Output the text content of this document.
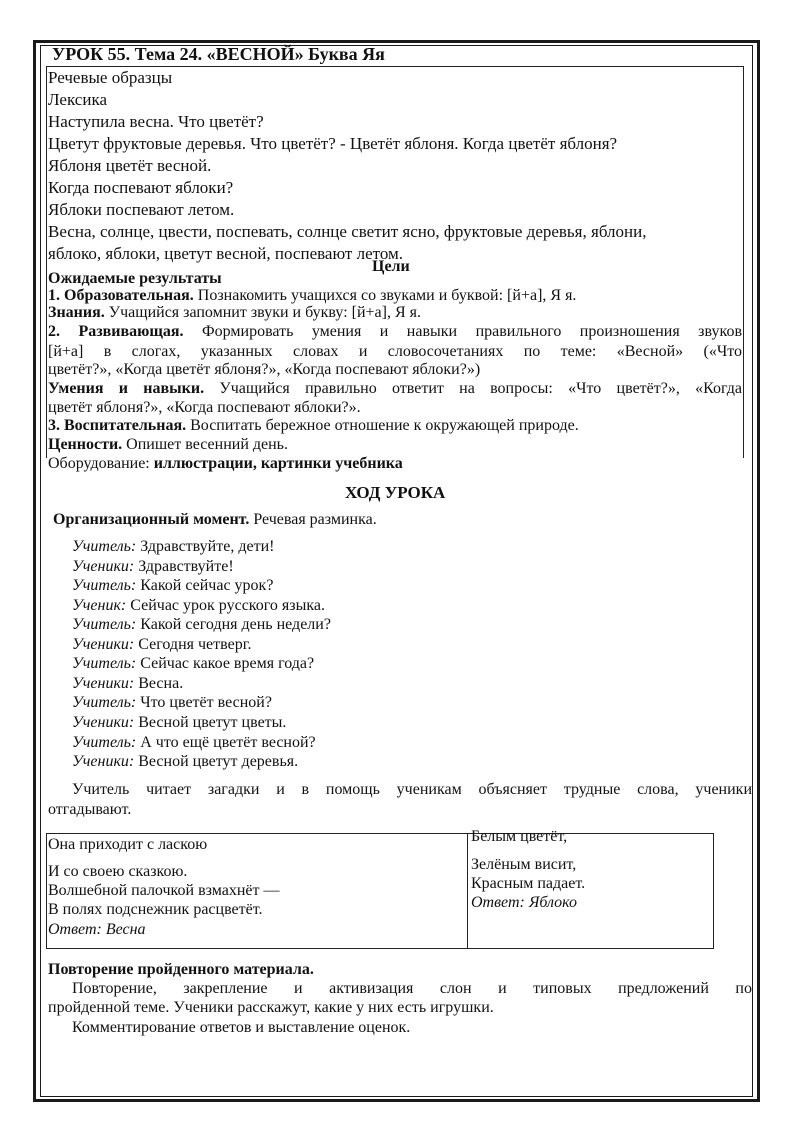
УРОК 55. Тема 24. «ВЕСНОЙ» Буква Яя
Речевые образцы
Лексика
Наступила весна. Что цветёт?
Цветут фруктовые деревья. Что цветёт? - Цветёт яблоня. Когда цветёт яблоня?
Яблоня цветёт весной.
Когда поспевают яблоки?
Яблоки поспевают летом.
Весна, солнце, цвести, поспевать, солнце светит ясно, фруктовые деревья, яблони,
яблоко, яблоки, цветут весной, поспевают летом.
Цели
Ожидаемые результаты
1. Образовательная. Познакомить учащихся со звуками и буквой: [й+а], Я я.
Знания. Учащийся запомнит звуки и букву: [й+а], Я я.
2. Развивающая. Формировать умения и навыки правильного произношения звуков
[й+а] в слогах, указанных словах и словосочетаниях по теме: «Весной» («Что
цветёт?», «Когда цветёт яблоня?», «Когда поспевают яблоки?»)
Умения и навыки. Учащийся правильно ответит на вопросы: «Что цветёт?», «Когда
цветёт яблоня?», «Когда поспевают яблоки?».
3. Воспитательная. Воспитать бережное отношение к окружающей природе.
Ценности. Опишет весенний день.
Оборудование: иллюстрации, картинки учебника
ХОД УРОКА
Организационный момент. Речевая разминка.
Учитель: Здравствуйте, дети!
Ученики: Здравствуйте!
Учитель: Какой сейчас урок?
Ученик: Сейчас урок русского языка.
Учитель: Какой сегодня день недели?
Ученики: Сегодня четверг.
Учитель: Сейчас какое время года?
Ученики: Весна.
Учитель: Что цветёт весной?
Ученики: Весной цветут цветы.
Учитель: А что ещё цветёт весной?
Ученики: Весной цветут деревья.
Учитель читает загадки и в помощь ученикам объясняет трудные слова, ученики
отгадывают.
Она приходит с ласкою
И со своею сказкою.
Волшебной палочкой взмахнёт —
В полях подснежник расцветёт.
Ответ: Весна
Белым цветёт,
Зелёным висит,
Красным падает.
Ответ: Яблоко
Повторение пройденного материала.
Повторение, закрепление и активизация слон и типовых предложений по
пройденной теме. Ученики расскажут, какие у них есть игрушки.
Комментирование ответов и выставление оценок.
